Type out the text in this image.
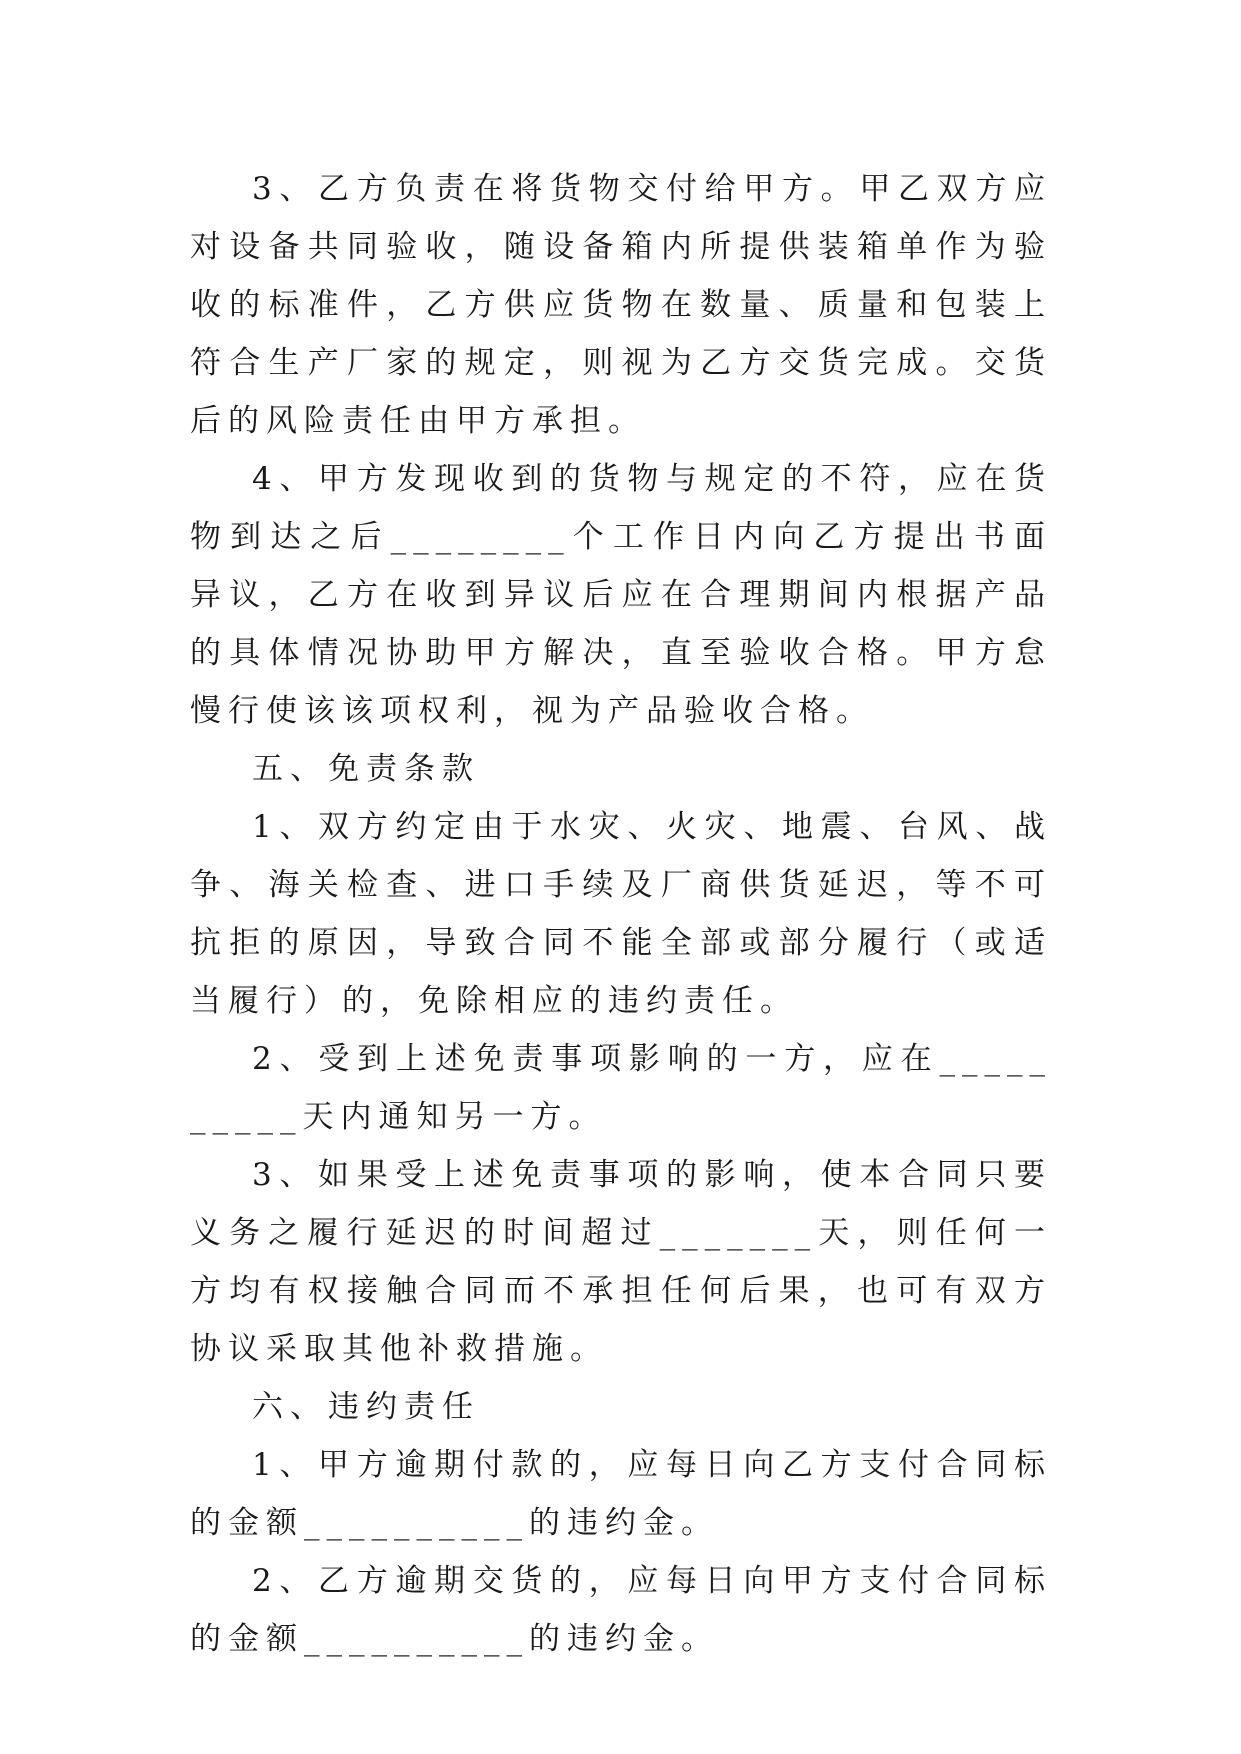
3、乙方负责在将货物交付给甲方。甲乙双方应对设备共同验收，随设备箱内所提供装箱单作为验收的标准件，乙方供应货物在数量、质量和包装上符合生产厂家的规定，则视为乙方交货完成。交货后的风险责任由甲方承担。

4、甲方发现收到的货物与规定的不符，应在货物到达之后________个工作日内向乙方提出书面异议，乙方在收到异议后应在合理期间内根据产品的具体情况协助甲方解决，直至验收合格。甲方怠慢行使该该项权利，视为产品验收合格。

五、免责条款

1、双方约定由于水灾、火灾、地震、台风、战争、海关检查、进口手续及厂商供货延迟，等不可抗拒的原因，导致合同不能全部或部分履行（或适当履行）的，免除相应的违约责任。

2、受到上述免责事项影响的一方，应在__________天内通知另一方。

3、如果受上述免责事项的影响，使本合同只要义务之履行延迟的时间超过_______天，则任何一方均有权接触合同而不承担任何后果，也可有双方协议采取其他补救措施。

六、违约责任

1、甲方逾期付款的，应每日向乙方支付合同标的金额__________的违约金。

2、乙方逾期交货的，应每日向甲方支付合同标的金额__________的违约金。
